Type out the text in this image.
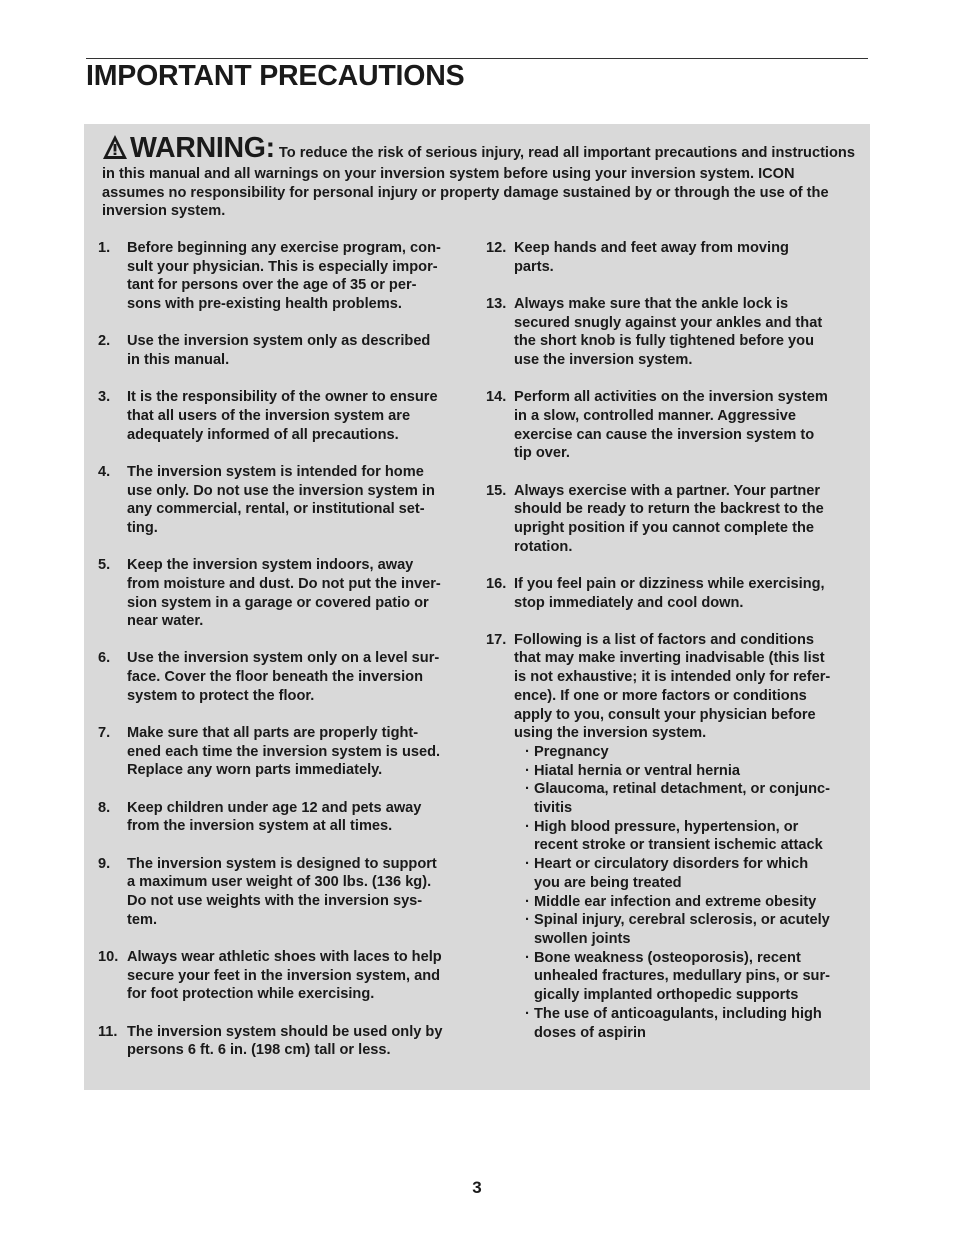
IMPORTANT PRECAUTIONS
WARNING: To reduce the risk of serious injury, read all important precautions and instructions in this manual and all warnings on your inversion system before using your inversion system. ICON assumes no responsibility for personal injury or property damage sustained by or through the use of the inversion system.
1. Before beginning any exercise program, con-
sult your physician. This is especially impor-
tant for persons over the age of 35 or per-
sons with pre-existing health problems.
2. Use the inversion system only as described
in this manual.
3. It is the responsibility of the owner to ensure
that all users of the inversion system are
adequately informed of all precautions.
4. The inversion system is intended for home
use only. Do not use the inversion system in
any commercial, rental, or institutional set-
ting.
5. Keep the inversion system indoors, away
from moisture and dust. Do not put the inver-
sion system in a garage or covered patio or
near water.
6. Use the inversion system only on a level sur-
face. Cover the floor beneath the inversion
system to protect the floor.
7. Make sure that all parts are properly tight-
ened each time the inversion system is used.
Replace any worn parts immediately.
8. Keep children under age 12 and pets away
from the inversion system at all times.
9. The inversion system is designed to support
a maximum user weight of 300 lbs. (136 kg).
Do not use weights with the inversion sys-
tem.
10. Always wear athletic shoes with laces to help
secure your feet in the inversion system, and
for foot protection while exercising.
11. The inversion system should be used only by
persons 6 ft. 6 in. (198 cm) tall or less.
12. Keep hands and feet away from moving
parts.
13. Always make sure that the ankle lock is
secured snugly against your ankles and that
the short knob is fully tightened before you
use the inversion system.
14. Perform all activities on the inversion system
in a slow, controlled manner. Aggressive
exercise can cause the inversion system to
tip over.
15. Always exercise with a partner. Your partner
should be ready to return the backrest to the
upright position if you cannot complete the
rotation.
16. If you feel pain or dizziness while exercising,
stop immediately and cool down.
17. Following is a list of factors and conditions
that may make inverting inadvisable (this list
is not exhaustive; it is intended only for refer-
ence). If one or more factors or conditions
apply to you, consult your physician before
using the inversion system.
· Pregnancy
· Hiatal hernia or ventral hernia
· Glaucoma, retinal detachment, or conjunc-
tivitis
· High blood pressure, hypertension, or
recent stroke or transient ischemic attack
· Heart or circulatory disorders for which
you are being treated
· Middle ear infection and extreme obesity
· Spinal injury, cerebral sclerosis, or acutely
swollen joints
· Bone weakness (osteoporosis), recent
unhealed fractures, medullary pins, or sur-
gically implanted orthopedic supports
· The use of anticoagulants, including high
doses of aspirin
3
